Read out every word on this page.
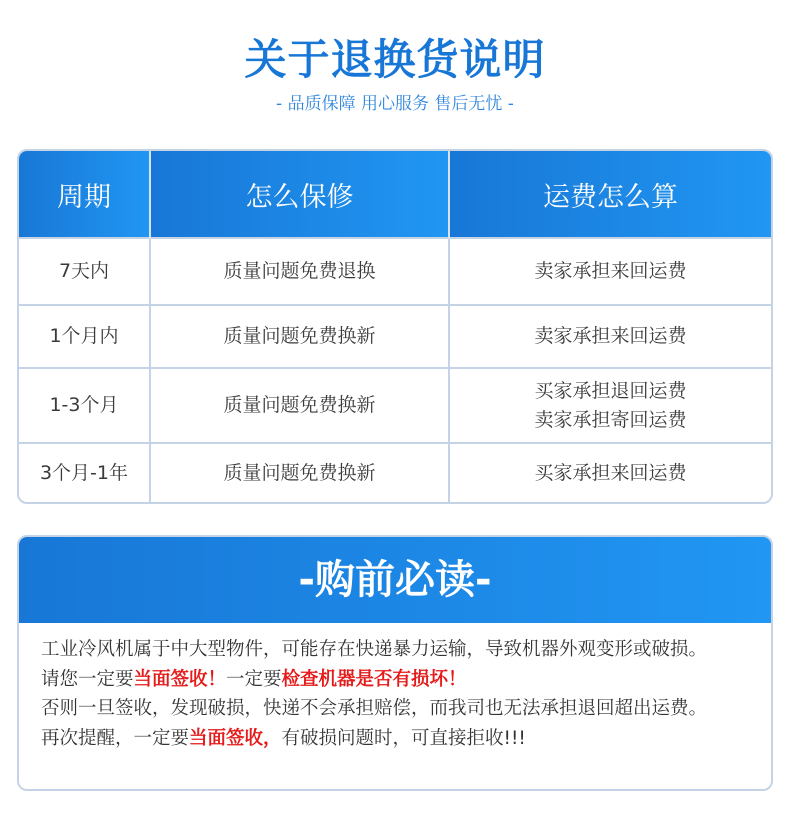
关于退换货说明
- 品质保障 用心服务 售后无忧 -
周期	怎么保修	运费怎么算
7天内	质量问题免费退换	卖家承担来回运费
1个月内	质量问题免费换新	卖家承担来回运费
1-3个月	质量问题免费换新	买家承担退回运费
卖家承担寄回运费

3个月-1年	质量问题免费换新	买家承担来回运费
-购前必读-
工业冷风机属于中大型物件，可能存在快递暴力运输，导致机器外观变形或破损。
请您一定要当面签收！一定要检查机器是否有损坏！
否则一旦签收，发现破损，快递不会承担赔偿，而我司也无法承担退回超出运费。
再次提醒，一定要当面签收，有破损问题时，可直接拒收!!!
